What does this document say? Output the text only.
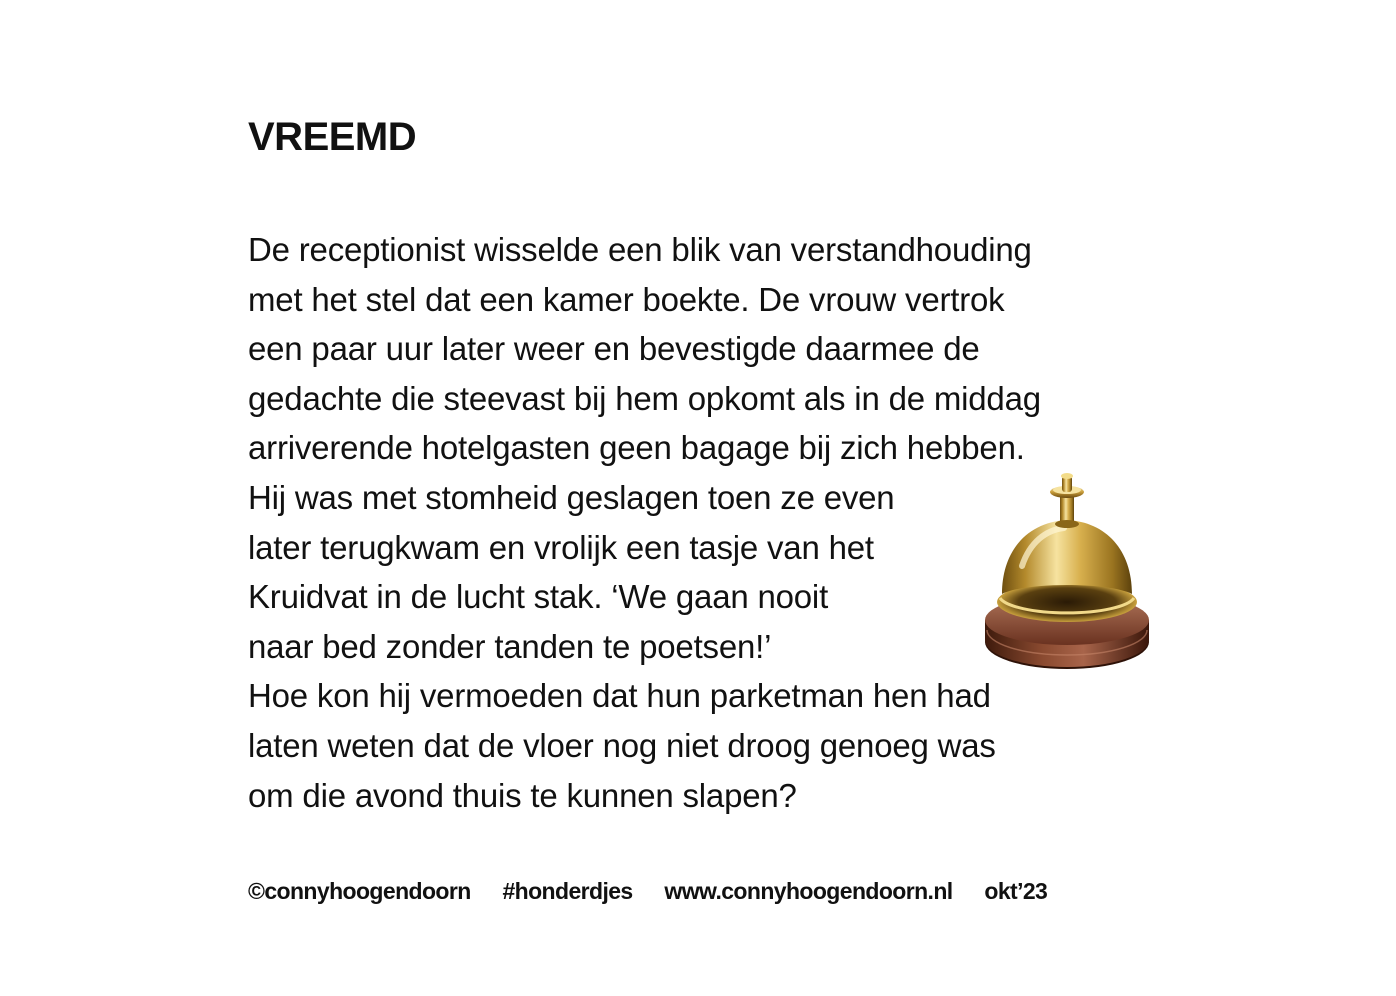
VREEMD
De receptionist wisselde een blik van verstandhouding
met het stel dat een kamer boekte. De vrouw vertrok
een paar uur later weer en bevestigde daarmee de
gedachte die steevast bij hem opkomt als in de middag
arriverende hotelgasten geen bagage bij zich hebben.
Hij was met stomheid geslagen toen ze even
later terugkwam en vrolijk een tasje van het
Kruidvat in de lucht stak. ‘We gaan nooit
naar bed zonder tanden te poetsen!’
Hoe kon hij vermoeden dat hun parketman hen had
laten weten dat de vloer nog niet droog genoeg was
om die avond thuis te kunnen slapen?
©connyhoogendoorn #honderdjes www.connyhoogendoorn.nl okt’23
